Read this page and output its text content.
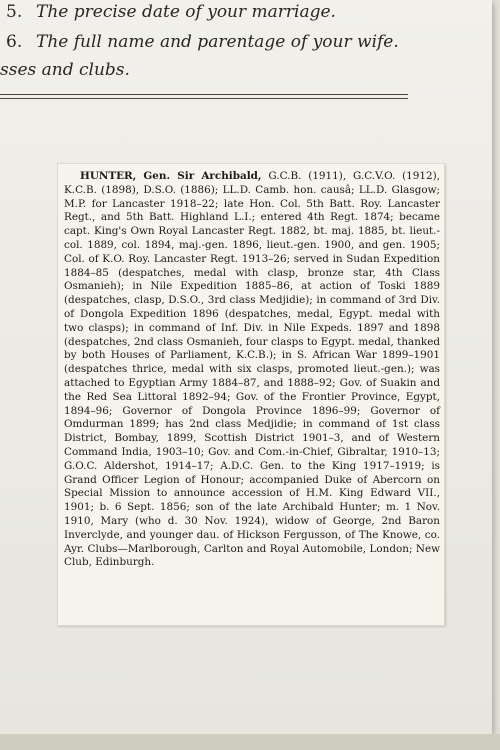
5. The precise date of your marriage.
6. The full name and parentage of your wife.
sses and clubs.

HUNTER, Gen. Sir Archibald, G.C.B. (1911), G.C.V.O. (1912), K.C.B. (1898), D.S.O. (1886); LL.D. Camb. hon. causâ; LL.D. Glasgow; M.P. for Lancaster 1918–22; late Hon. Col. 5th Batt. Roy. Lancaster Regt., and 5th Batt. Highland L.I.; entered 4th Regt. 1874; became capt. King's Own Royal Lancaster Regt. 1882, bt. maj. 1885, bt. lieut.-col. 1889, col. 1894, maj.-gen. 1896, lieut.-gen. 1900, and gen. 1905; Col. of K.O. Roy. Lancaster Regt. 1913–26; served in Sudan Expedition 1884–85 (despatches, medal with clasp, bronze star, 4th Class Osmanieh); in Nile Expedition 1885–86, at action of Toski 1889 (despatches, clasp, D.S.O., 3rd class Medjidie); in command of 3rd Div. of Dongola Expedition 1896 (despatches, medal, Egypt. medal with two clasps); in command of Inf. Div. in Nile Expeds. 1897 and 1898 (despatches, 2nd class Osmanieh, four clasps to Egypt. medal, thanked by both Houses of Parliament, K.C.B.); in S. African War 1899–1901 (despatches thrice, medal with six clasps, promoted lieut.-gen.); was attached to Egyptian Army 1884–87, and 1888–92; Gov. of Suakin and the Red Sea Littoral 1892–94; Gov. of the Frontier Province, Egypt, 1894–96; Governor of Dongola Province 1896–99; Governor of Omdurman 1899; has 2nd class Medjidie; in command of 1st class District, Bombay, 1899, Scottish District 1901–3, and of Western Command India, 1903–10; Gov. and Com.-in-Chief, Gibraltar, 1910–13; G.O.C. Aldershot, 1914–17; A.D.C. Gen. to the King 1917–1919; is Grand Officer Legion of Honour; accompanied Duke of Abercorn on Special Mission to announce accession of H.M. King Edward VII., 1901; b. 6 Sept. 1856; son of the late Archibald Hunter; m. 1 Nov. 1910, Mary (who d. 30 Nov. 1924), widow of George, 2nd Baron Inverclyde, and younger dau. of Hickson Fergusson, of The Knowe, co. Ayr. Clubs—Marlborough, Carlton and Royal Automobile, London; New Club, Edinburgh.
